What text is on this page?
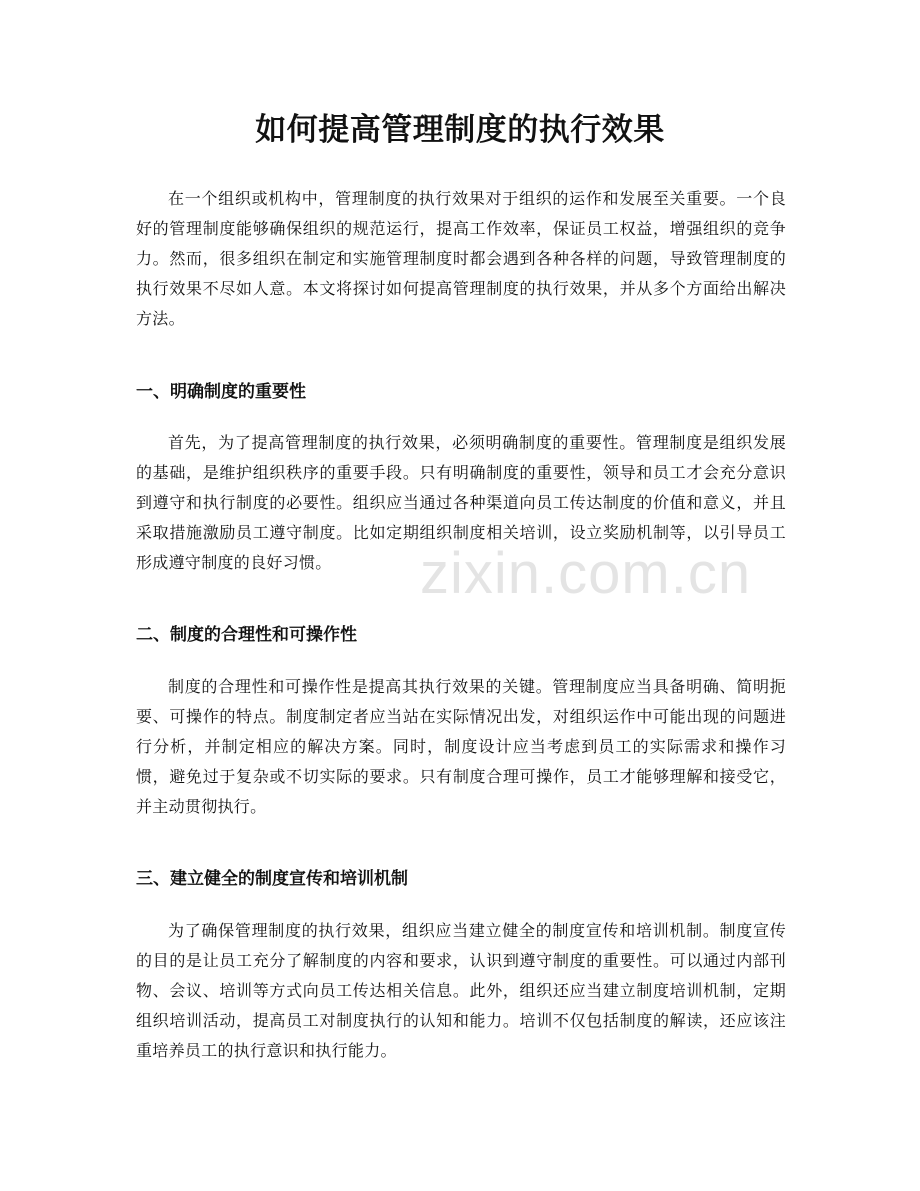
如何提高管理制度的执行效果

在一个组织或机构中，管理制度的执行效果对于组织的运作和发展至关重要。一个良好的管理制度能够确保组织的规范运行，提高工作效率，保证员工权益，增强组织的竞争力。然而，很多组织在制定和实施管理制度时都会遇到各种各样的问题，导致管理制度的执行效果不尽如人意。本文将探讨如何提高管理制度的执行效果，并从多个方面给出解决方法。

一、明确制度的重要性

首先，为了提高管理制度的执行效果，必须明确制度的重要性。管理制度是组织发展的基础，是维护组织秩序的重要手段。只有明确制度的重要性，领导和员工才会充分意识到遵守和执行制度的必要性。组织应当通过各种渠道向员工传达制度的价值和意义，并且采取措施激励员工遵守制度。比如定期组织制度相关培训，设立奖励机制等，以引导员工形成遵守制度的良好习惯。

二、制度的合理性和可操作性

制度的合理性和可操作性是提高其执行效果的关键。管理制度应当具备明确、简明扼要、可操作的特点。制度制定者应当站在实际情况出发，对组织运作中可能出现的问题进行分析，并制定相应的解决方案。同时，制度设计应当考虑到员工的实际需求和操作习惯，避免过于复杂或不切实际的要求。只有制度合理可操作，员工才能够理解和接受它，并主动贯彻执行。

三、建立健全的制度宣传和培训机制

为了确保管理制度的执行效果，组织应当建立健全的制度宣传和培训机制。制度宣传的目的是让员工充分了解制度的内容和要求，认识到遵守制度的重要性。可以通过内部刊物、会议、培训等方式向员工传达相关信息。此外，组织还应当建立制度培训机制，定期组织培训活动，提高员工对制度执行的认知和能力。培训不仅包括制度的解读，还应该注重培养员工的执行意识和执行能力。

zixin.com.cn
